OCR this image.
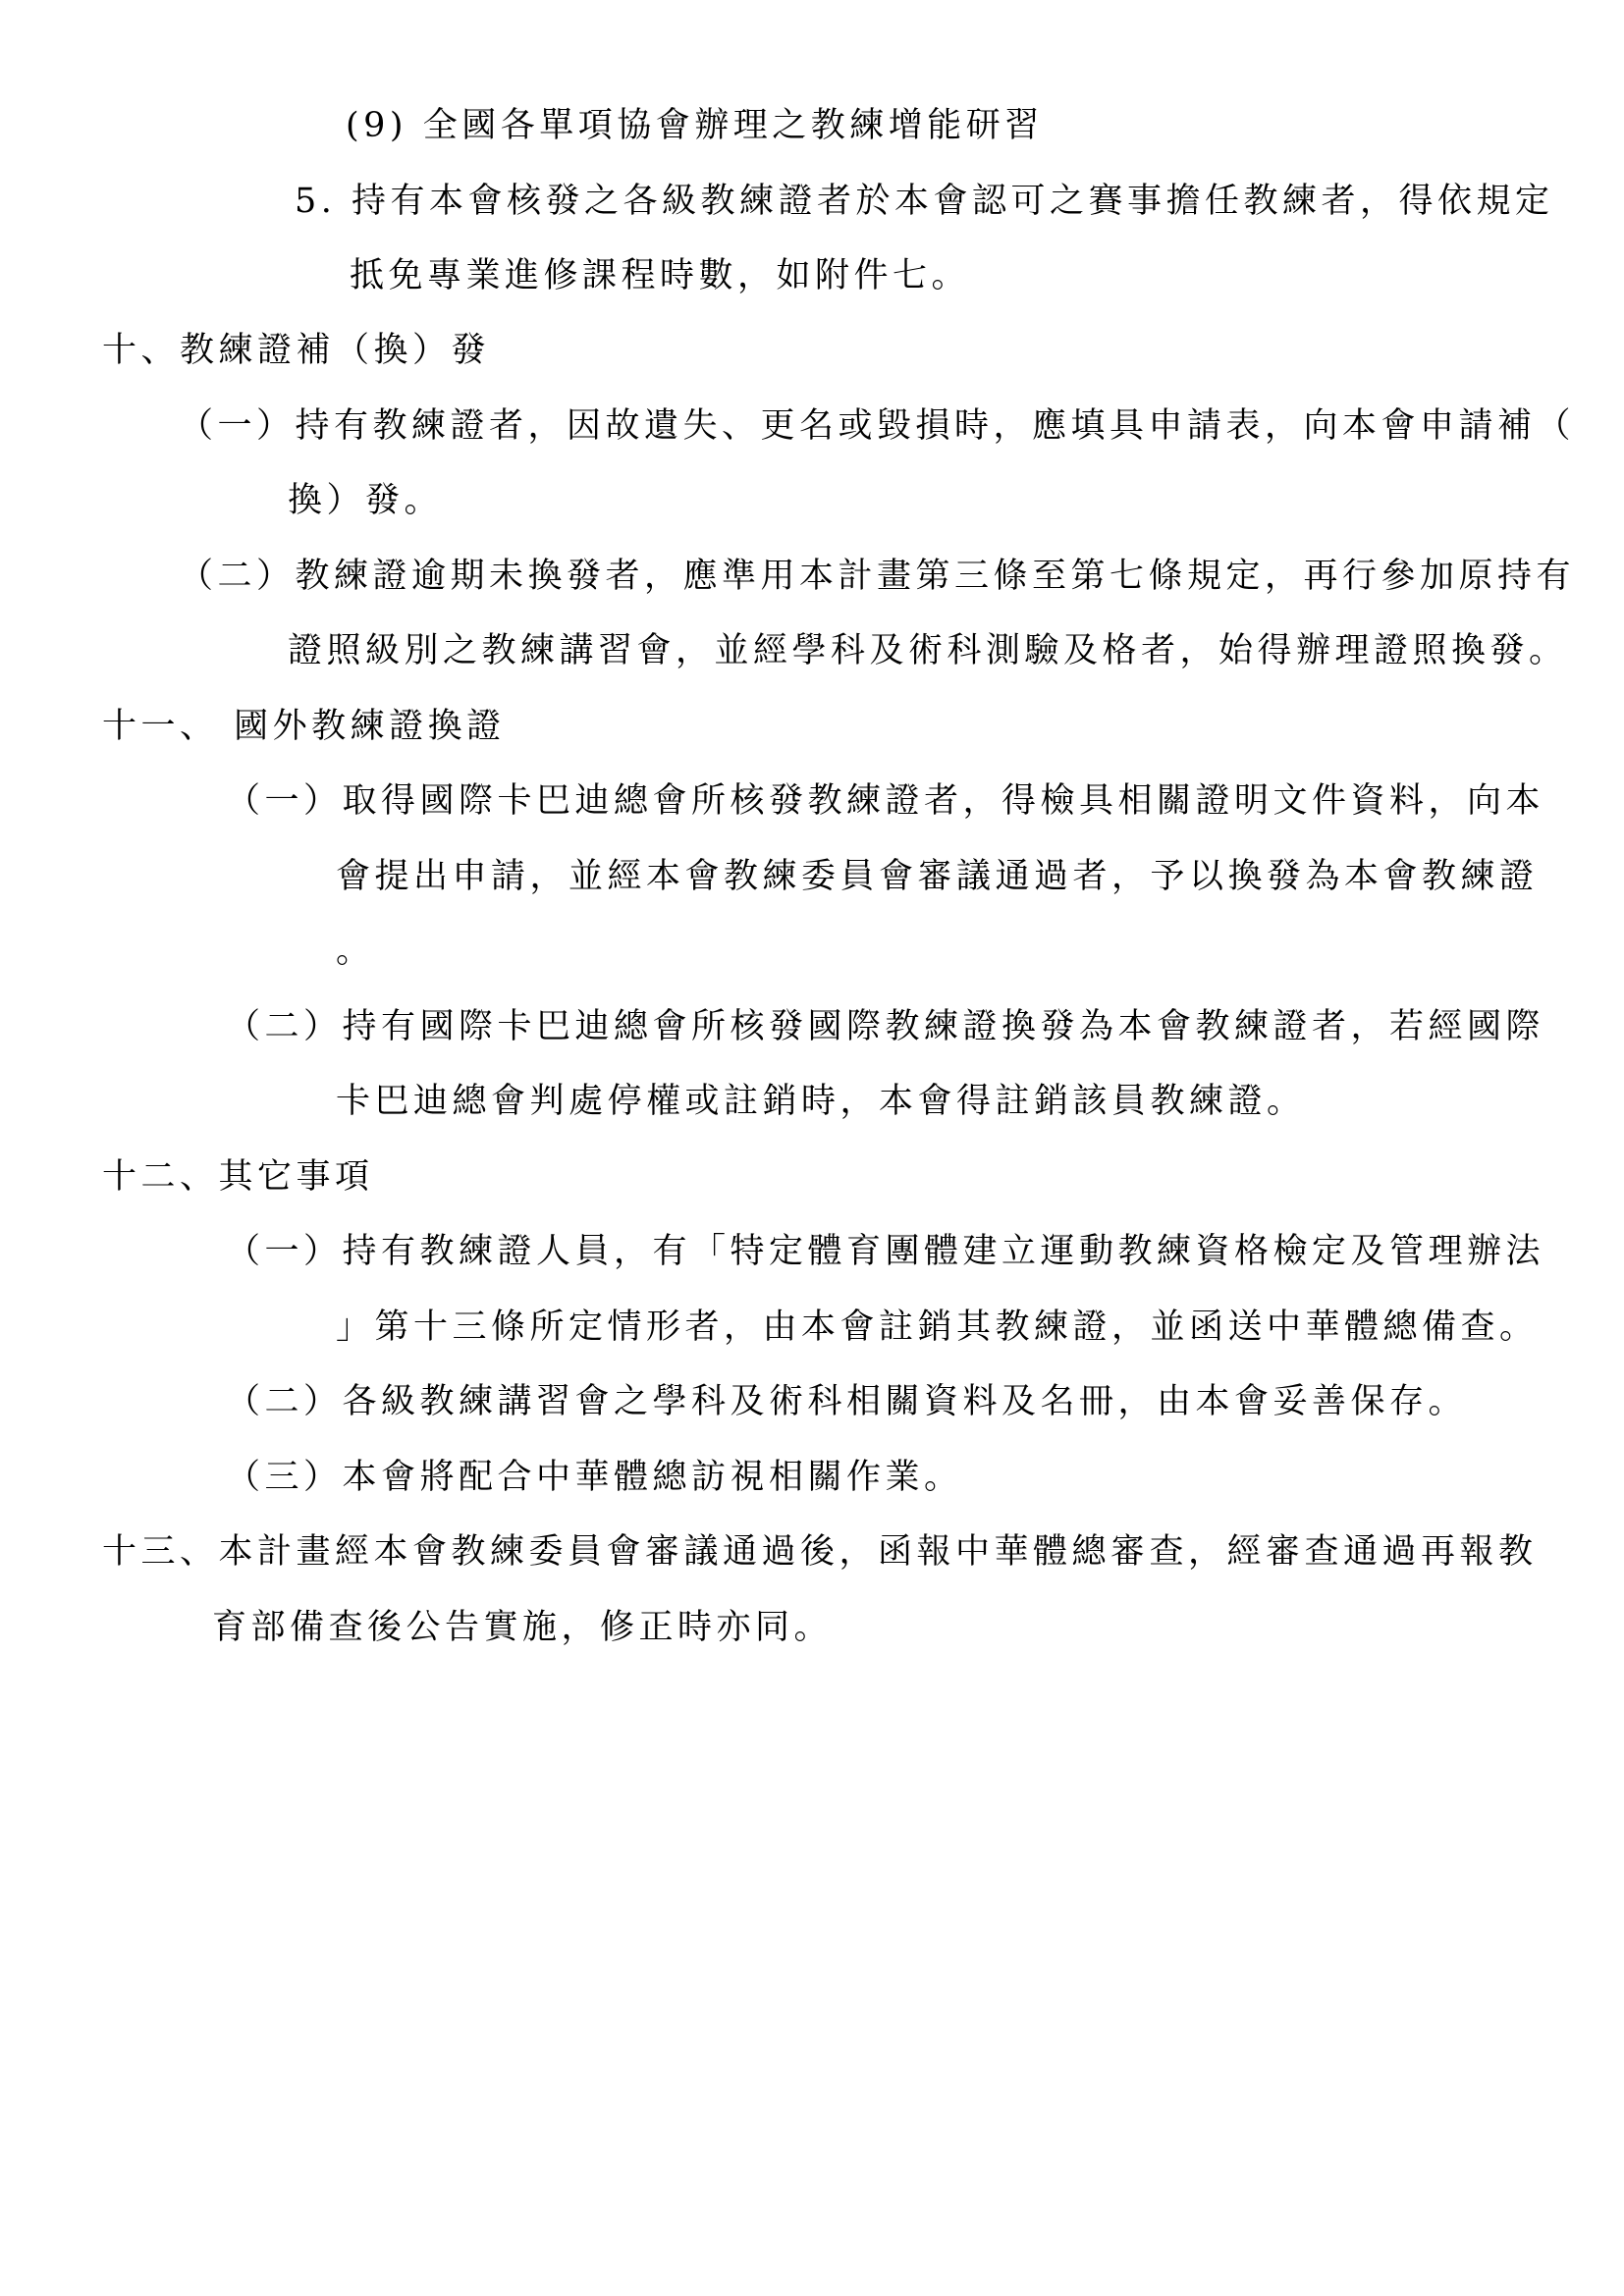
(9) 全國各單項協會辦理之教練增能研習
5. 持有本會核發之各級教練證者於本會認可之賽事擔任教練者，得依規定
抵免專業進修課程時數，如附件七。
十、教練證補（換）發
（一）持有教練證者，因故遺失、更名或毀損時，應填具申請表，向本會申請補（
換）發。
（二）教練證逾期未換發者，應準用本計畫第三條至第七條規定，再行參加原持有
證照級別之教練講習會，並經學科及術科測驗及格者，始得辦理證照換發。
十一、 國外教練證換證
（一）取得國際卡巴迪總會所核發教練證者，得檢具相關證明文件資料，向本
會提出申請，並經本會教練委員會審議通過者，予以換發為本會教練證
。
（二）持有國際卡巴迪總會所核發國際教練證換發為本會教練證者，若經國際
卡巴迪總會判處停權或註銷時，本會得註銷該員教練證。
十二、其它事項
（一）持有教練證人員，有「特定體育團體建立運動教練資格檢定及管理辦法
」第十三條所定情形者，由本會註銷其教練證，並函送中華體總備查。
（二）各級教練講習會之學科及術科相關資料及名冊，由本會妥善保存。
（三）本會將配合中華體總訪視相關作業。
十三、本計畫經本會教練委員會審議通過後，函報中華體總審查，經審查通過再報教
育部備查後公告實施，修正時亦同。
